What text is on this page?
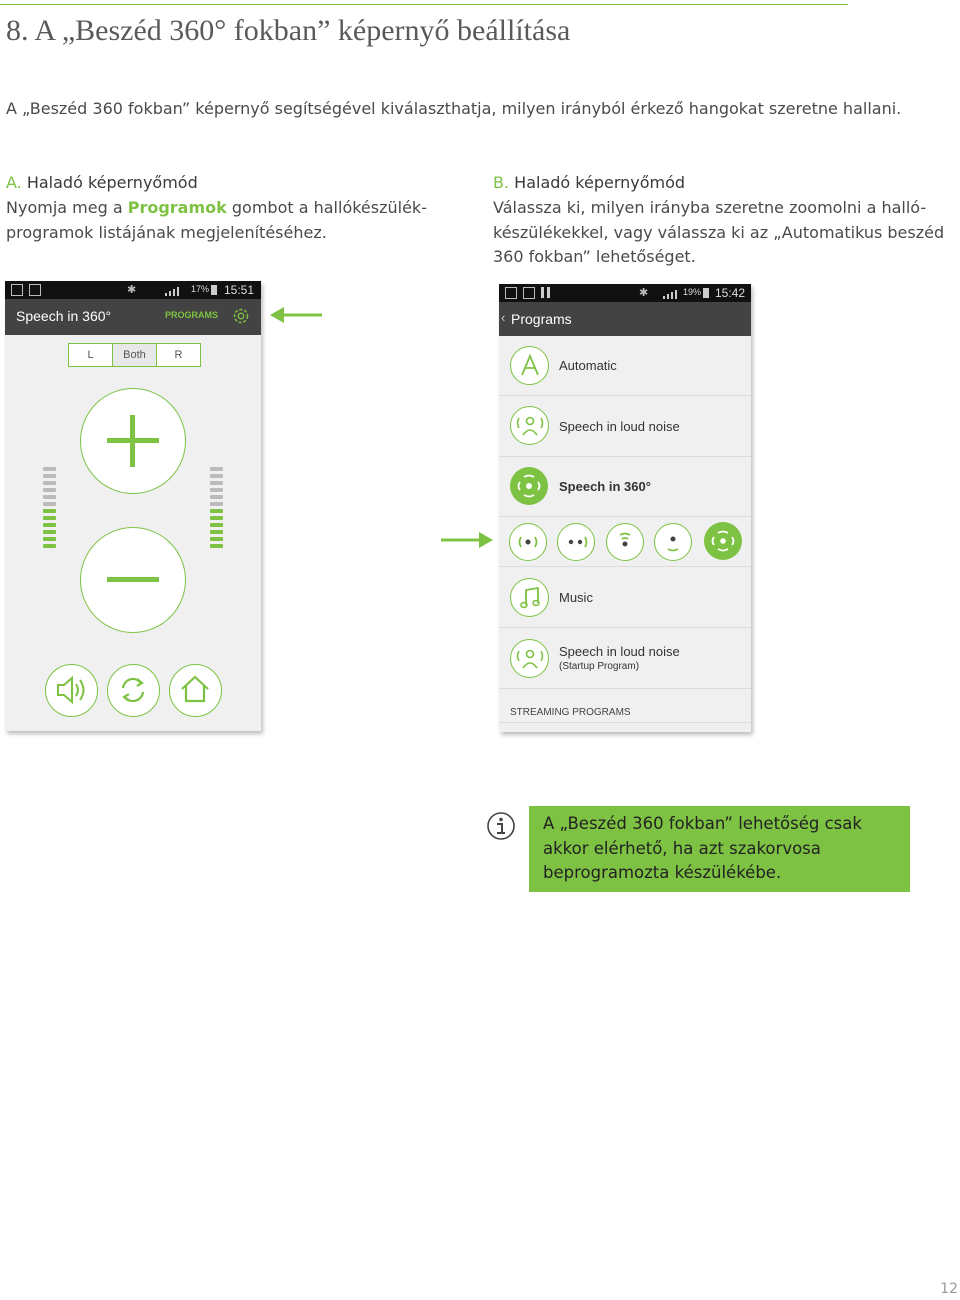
8. A „Beszéd 360° fokban” képernyő beállítása
A „Beszéd 360 fokban” képernyő segítségével kiválaszthatja, milyen irányból érkező hangokat szeretne hallani.
A. Haladó képernyőmód
Nyomja meg a Programok gombot a hallókészülék-
programok listájának megjelenítéséhez.
B. Haladó képernyőmód
Válassza ki, milyen irányba szeretne zoomolni a halló-
készülékekkel, vagy válassza ki az „Automatikus beszéd
360 fokban” lehetőséget.
✱	17% 15:51
Speech in 360°	PROGRAMS
L	Both	R
✱	19% 15:42
‹ Programs
Automatic
Speech in loud noise
Speech in 360°
Music
Speech in loud noise
(Startup Program)
STREAMING PROGRAMS
A „Beszéd 360 fokban” lehetőség csak
akkor elérhető, ha azt szakorvosa
beprogramozta készülékébe.
12
